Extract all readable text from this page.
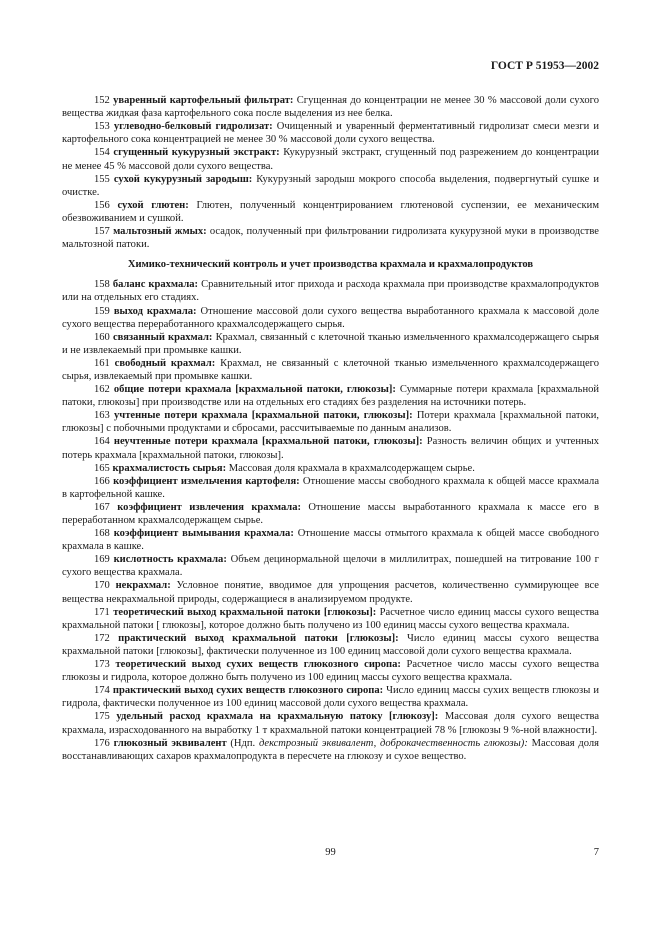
ГОСТ Р 51953—2002

152 уваренный картофельный фильтрат: Сгущенная до концентрации не менее 30 % массовой доли сухого вещества жидкая фаза картофельного сока после выделения из нее белка.

153 углеводно-белковый гидролизат: Очищенный и уваренный ферментативный гидролизат смеси мезги и картофельного сока концентрацией не менее 30 % массовой доли сухого вещества.

154 сгущенный кукурузный экстракт: Кукурузный экстракт, сгущенный под разрежением до концентрации не менее 45 % массовой доли сухого вещества.

155 сухой кукурузный зародыш: Кукурузный зародыш мокрого способа выделения, подвергнутый сушке и очистке.

156 сухой глютен: Глютен, полученный концентрированием глютеновой суспензии, ее механическим обезвоживанием и сушкой.

157 мальтозный жмых: осадок, полученный при фильтровании гидролизата кукурузной муки в производстве мальтозной патоки.

Химико-технический контроль и учет производства крахмала и крахмалопродуктов

158 баланс крахмала: Сравнительный итог прихода и расхода крахмала при производстве крахмалопродуктов или на отдельных его стадиях.

159 выход крахмала: Отношение массовой доли сухого вещества выработанного крахмала к массовой доле сухого вещества переработанного крахмалсодержащего сырья.

160 связанный крахмал: Крахмал, связанный с клеточной тканью измельченного крахмалсодержащего сырья и не извлекаемый при промывке кашки.

161 свободный крахмал: Крахмал, не связанный с клеточной тканью измельченного крахмалсодержащего сырья, извлекаемый при промывке кашки.

162 общие потери крахмала [крахмальной патоки, глюкозы]: Суммарные потери крахмала [крахмальной патоки, глюкозы] при производстве или на отдельных его стадиях без разделения на источники потерь.

163 учтенные потери крахмала [крахмальной патоки, глюкозы]: Потери крахмала [крахмальной патоки, глюкозы] с побочными продуктами и сбросами, рассчитываемые по данным анализов.

164 неучтенные потери крахмала [крахмальной патоки, глюкозы]: Разность величин общих и учтенных потерь крахмала [крахмальной патоки, глюкозы].

165 крахмалистость сырья: Массовая доля крахмала в крахмалсодержащем сырье.

166 коэффициент измельчения картофеля: Отношение массы свободного крахмала к общей массе крахмала в картофельной кашке.

167 коэффициент извлечения крахмала: Отношение массы выработанного крахмала к массе его в переработанном крахмалсодержащем сырье.

168 коэффициент вымывания крахмала: Отношение массы отмытого крахмала к общей массе свободного крахмала в кашке.

169 кислотность крахмала: Объем децинормальной щелочи в миллилитрах, пошедшей на титрование 100 г сухого вещества крахмала.

170 некрахмал: Условное понятие, вводимое для упрощения расчетов, количественно суммирующее все вещества некрахмальной природы, содержащиеся в анализируемом продукте.

171 теоретический выход крахмальной патоки [глюкозы]: Расчетное число единиц массы сухого вещества крахмальной патоки [ глюкозы], которое должно быть получено из 100 единиц массы сухого вещества крахмала.

172 практический выход крахмальной патоки [глюкозы]: Число единиц массы сухого вещества крахмальной патоки [глюкозы], фактически полученное из 100 единиц массовой доли сухого вещества крахмала.

173 теоретический выход сухих веществ глюкозного сиропа: Расчетное число массы сухого вещества глюкозы и гидрола, которое должно быть получено из 100 единиц массы сухого вещества крахмала.

174 практический выход сухих веществ глюкозного сиропа: Число единиц массы сухих веществ глюкозы и гидрола, фактически полученное из 100 единиц массовой доли сухого вещества крахмала.

175 удельный расход крахмала на крахмальную патоку [глюкозу]: Массовая доля сухого вещества крахмала, израсходованного на выработку 1 т крахмальной патоки концентрацией 78 % [глюкозы 9 %-ной влажности].

176 глюкозный эквивалент (Ндп. декстрозный эквивалент, доброкачественность глюкозы): Массовая доля восстанавливающих сахаров крахмалопродукта в пересчете на глюкозу и сухое вещество.

99	7
